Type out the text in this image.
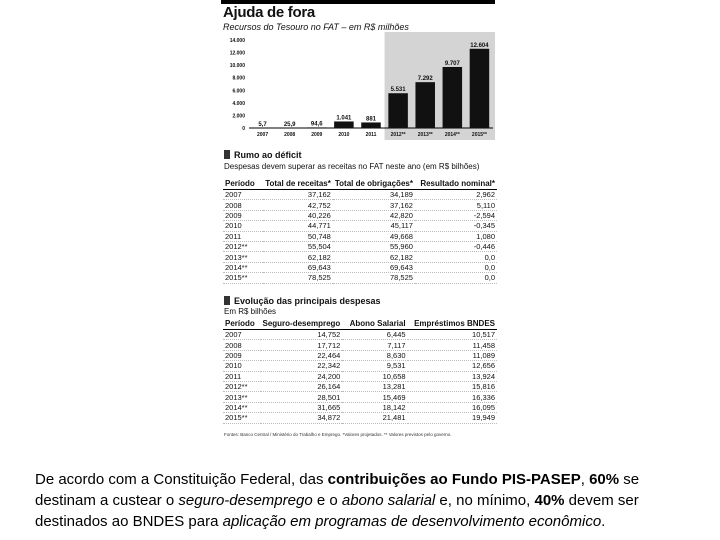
Ajuda de fora
Recursos do Tesouro no FAT – em R$ milhões
0
2.000
4.000
6.000
8.000
10.000
12.000
14.000
5,7
2007
25,9
2008
94,6
2009
1.041
2010
881
2011
5.531
2012**
7.292
2013**
9.707
2014**
12.604
2015**
Rumo ao déficit
Despesas devem superar as receitas no FAT neste ano (em R$ bilhões)
Período	Total de receitas*	Total de obrigações*	Resultado nominal*
2007	37,162	34,189	2,962
2008	42,752	37,162	5,110
2009	40,226	42,820	-2,594
2010	44,771	45,117	-0,345
2011	50,748	49,668	1,080
2012**	55,504	55,960	-0,446
2013**	62,182	62,182	0,0
2014**	69,643	69,643	0,0
2015**	78,525	78,525	0,0
Evolução das principais despesas
Em R$ bilhões
Período	Seguro-desemprego	Abono Salarial	Empréstimos BNDES
2007	14,752	6,445	10,517
2008	17,712	7,117	11,458
2009	22,464	8,630	11,089
2010	22,342	9,531	12,656
2011	24,200	10,658	13,924
2012**	26,164	13,281	15,816
2013**	28,501	15,469	16,336
2014**	31,665	18,142	16,095
2015**	34,872	21,481	19,949
Fontes: Banco Central / Ministério do Trabalho e Emprego. *Valores projetados. ** Valores previstos pelo governo.
De acordo com a Constituição Federal, das contribuições ao Fundo PIS-PASEP, 60% se destinam a custear o seguro-desemprego e o abono salarial e, no mínimo, 40% devem ser destinados ao BNDES para aplicação em programas de desenvolvimento econômico.
